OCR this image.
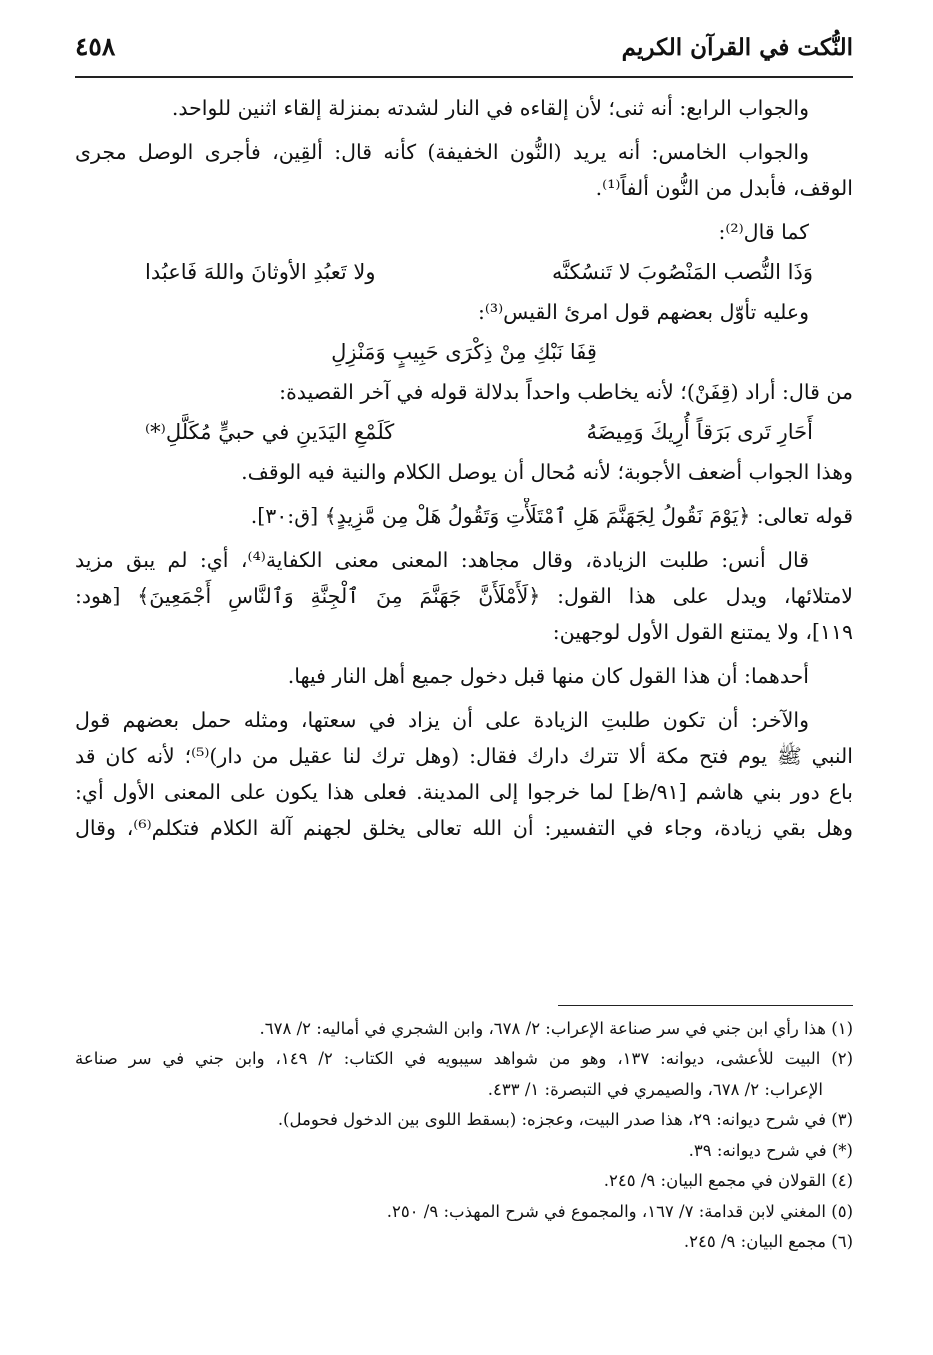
النُّكت في القرآن الكريم
٤٥٨
والجواب الرابع: أنه ثنى؛ لأن إلقاءه في النار لشدته بمنزلة إلقاء اثنين للواحد.
والجواب الخامس: أنه يريد (النُّون الخفيفة) كأنه قال: ألقِين، فأجرى الوصل مجرى
الوقف، فأبدل من النُّون ألفاً⁽¹⁾.
كما قال⁽²⁾:
وَذَا النُّصب المَنْصُوبَ لا تَنسُكنَّه
ولا تَعبُدِ الأوثانَ واللهَ فَاعبُدا
وعليه تأوّل بعضهم قول امرئ القيس⁽³⁾:
قِفَا نَبْكِ مِنْ ذِكْرَى حَبِيبٍ وَمَنْزِلِ
من قال: أراد (قِفَنْ)؛ لأنه يخاطب واحداً بدلالة قوله في آخر القصيدة:
أَحَارِ تَرى بَرَقاً أُرِيكَ وَمِيضَهُ
كَلَمْعِ اليَدَينِ في حبيٍّ مُكَلَّلِ⁽*⁾
وهذا الجواب أضعف الأجوبة؛ لأنه مُحال أن يوصل الكلام والنية فيه الوقف.
قوله تعالى: ﴿يَوْمَ نَقُولُ لِجَهَنَّمَ هَلِ ٱمْتَلَأْتِ وَتَقُولُ هَلْ مِن مَّزِيدٍ﴾ [ق:٣٠].
قال أنس: طلبت الزيادة، وقال مجاهد: المعنى معنى الكفاية⁽⁴⁾، أي: لم يبق مزيد
لامتلائها، ويدل على هذا القول: ﴿لَأَمْلَأَنَّ جَهَنَّمَ مِنَ ٱلْجِنَّةِ وَٱلنَّاسِ أَجْمَعِينَ﴾ [هود:
١١٩]، ولا يمتنع القول الأول لوجهين:
أحدهما: أن هذا القول كان منها قبل دخول جميع أهل النار فيها.
والآخر: أن تكون طلبتِ الزيادة على أن يزاد في سعتها، ومثله حمل بعضهم قول
النبي ﷺ يوم فتح مكة ألا تترك دارك فقال: (وهل ترك لنا عقيل من دار)⁽⁵⁾؛ لأنه كان قد
باع دور بني هاشم [٩١/ظ] لما خرجوا إلى المدينة. فعلى هذا يكون على المعنى الأول أي:
وهل بقي زيادة، وجاء في التفسير: أن الله تعالى يخلق لجهنم آلة الكلام فتكلم⁽⁶⁾، وقال
(١) هذا رأي ابن جني في سر صناعة الإعراب: ٢/ ٦٧٨، وابن الشجري في أماليه: ٢/ ٦٧٨.
(٢) البيت للأعشى، ديوانه: ١٣٧، وهو من شواهد سيبويه في الكتاب: ٢/ ١٤٩، وابن جني في سر صناعة
الإعراب: ٢/ ٦٧٨، والصيمري في التبصرة: ١/ ٤٣٣.
(٣) في شرح ديوانه: ٢٩، هذا صدر البيت، وعجزه: (بسقط اللوى بين الدخول فحومل).
(*) في شرح ديوانه: ٣٩.
(٤) القولان في مجمع البيان: ٩/ ٢٤٥.
(٥) المغني لابن قدامة: ٧/ ١٦٧، والمجموع في شرح المهذب: ٩/ ٢٥٠.
(٦) مجمع البيان: ٩/ ٢٤٥.
